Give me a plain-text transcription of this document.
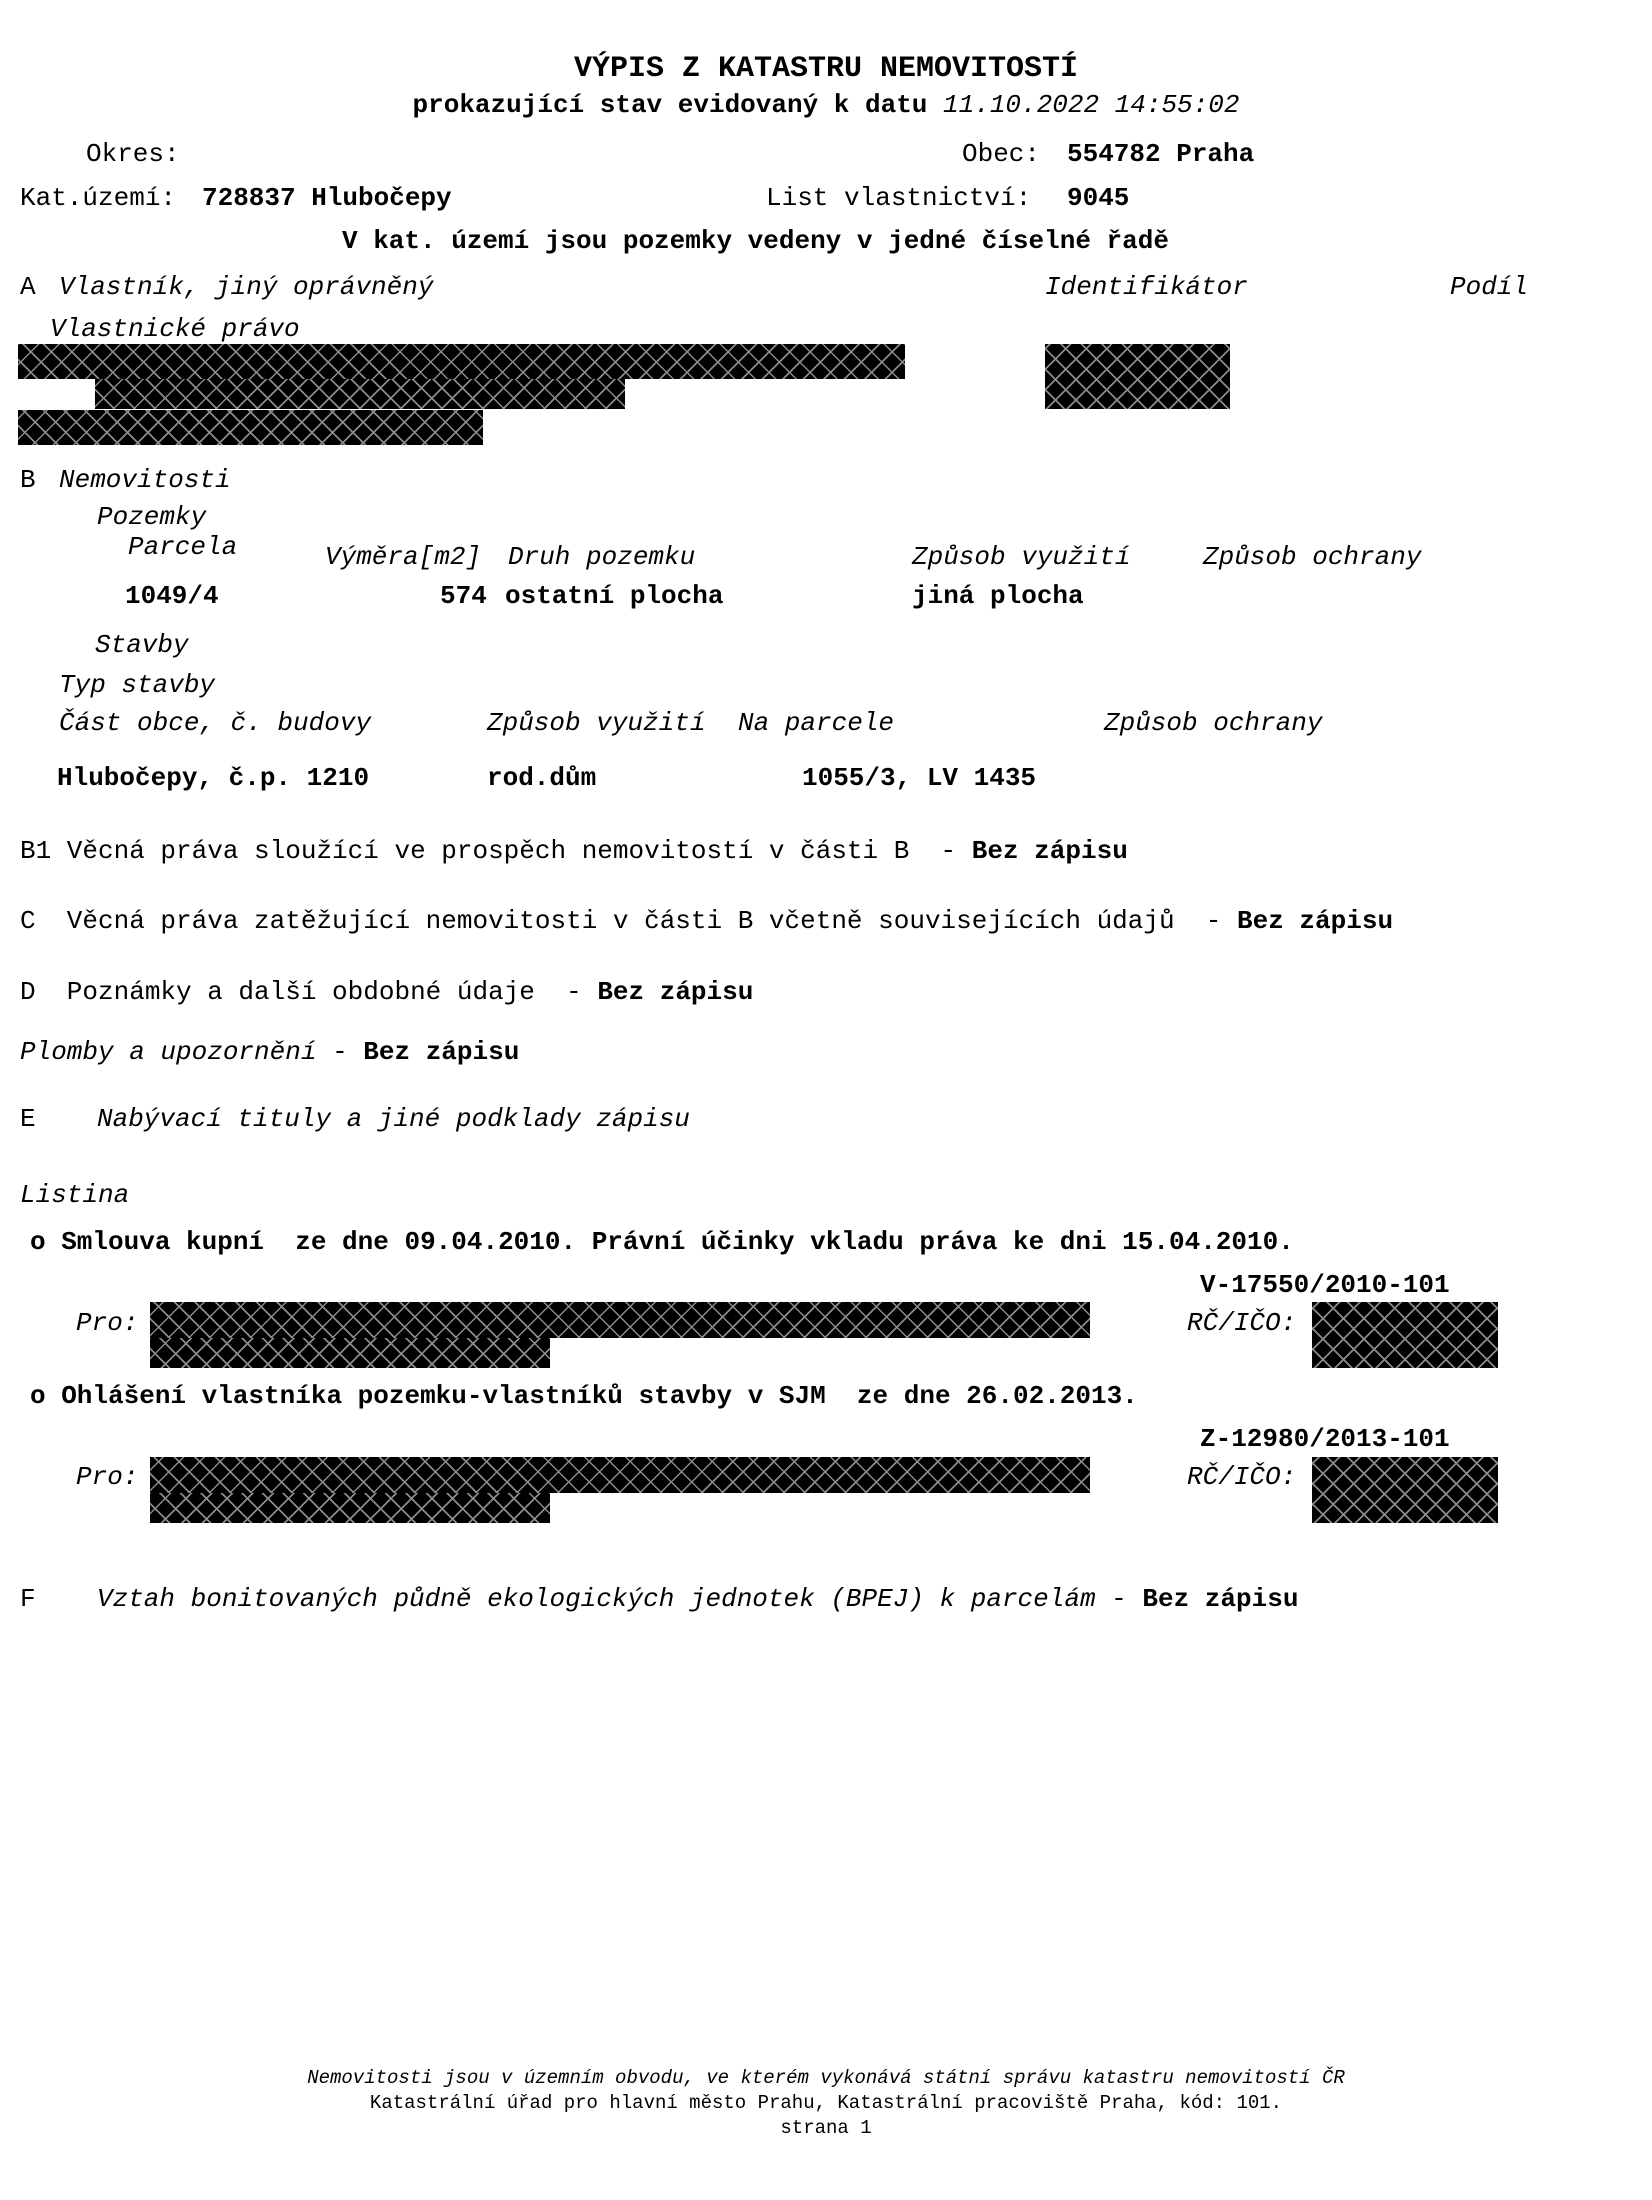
VÝPIS Z KATASTRU NEMOVITOSTÍ
prokazující stav evidovaný k datu 11.10.2022 14:55:02
Okres:	Obec: 554782 Praha
Kat.území: 728837 Hlubočepy	List vlastnictví: 9045
V kat. území jsou pozemky vedeny v jedné číselné řadě
A Vlastník, jiný oprávněný	Identifikátor	Podíl
Vlastnické právo
B Nemovitosti
Pozemky
Parcela	Výměra[m2] Druh pozemku	Způsob využití	Způsob ochrany
1049/4	574 ostatní plocha	jiná plocha
Stavby
Typ stavby
Část obce, č. budovy	Způsob využití Na parcele	Způsob ochrany
Hlubočepy, č.p. 1210	rod.dům	1055/3, LV 1435
B1 Věcná práva sloužící ve prospěch nemovitostí v části B  - Bez zápisu
C  Věcná práva zatěžující nemovitosti v části B včetně souvisejících údajů  - Bez zápisu
D  Poznámky a další obdobné údaje  - Bez zápisu
Plomby a upozornění - Bez zápisu
E Nabývací tituly a jiné podklady zápisu
Listina
o Smlouva kupní  ze dne 09.04.2010. Právní účinky vkladu práva ke dni 15.04.2010.
V-17550/2010-101
Pro:	RČ/IČO:
o Ohlášení vlastníka pozemku-vlastníků stavby v SJM  ze dne 26.02.2013.
Z-12980/2013-101
Pro:	RČ/IČO:
F Vztah bonitovaných půdně ekologických jednotek (BPEJ) k parcelám - Bez zápisu
Nemovitosti jsou v územním obvodu, ve kterém vykonává státní správu katastru nemovitostí ČR
Katastrální úřad pro hlavní město Prahu, Katastrální pracoviště Praha, kód: 101.
strana 1
